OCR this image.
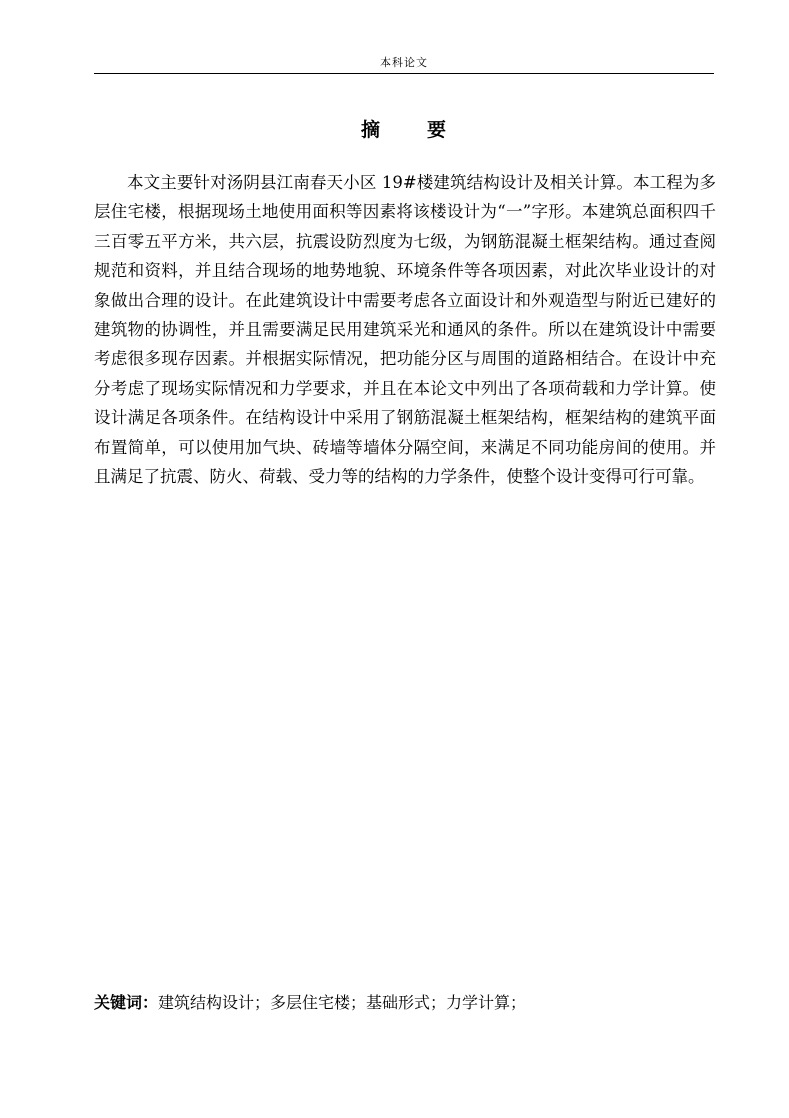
本科论文
摘 要

本文主要针对汤阴县江南春天小区 19#楼建筑结构设计及相关计算。本工程为多层住宅楼，根据现场土地使用面积等因素将该楼设计为“一”字形。本建筑总面积四千三百零五平方米，共六层，抗震设防烈度为七级，为钢筋混凝土框架结构。通过查阅规范和资料，并且结合现场的地势地貌、环境条件等各项因素，对此次毕业设计的对象做出合理的设计。在此建筑设计中需要考虑各立面设计和外观造型与附近已建好的建筑物的协调性，并且需要满足民用建筑采光和通风的条件。所以在建筑设计中需要考虑很多现存因素。并根据实际情况，把功能分区与周围的道路相结合。在设计中充分考虑了现场实际情况和力学要求，并且在本论文中列出了各项荷载和力学计算。使设计满足各项条件。在结构设计中采用了钢筋混凝土框架结构，框架结构的建筑平面布置简单，可以使用加气块、砖墙等墙体分隔空间，来满足不同功能房间的使用。并且满足了抗震、防火、荷载、受力等的结构的力学条件，使整个设计变得可行可靠。

关键词：建筑结构设计；多层住宅楼；基础形式；力学计算；
